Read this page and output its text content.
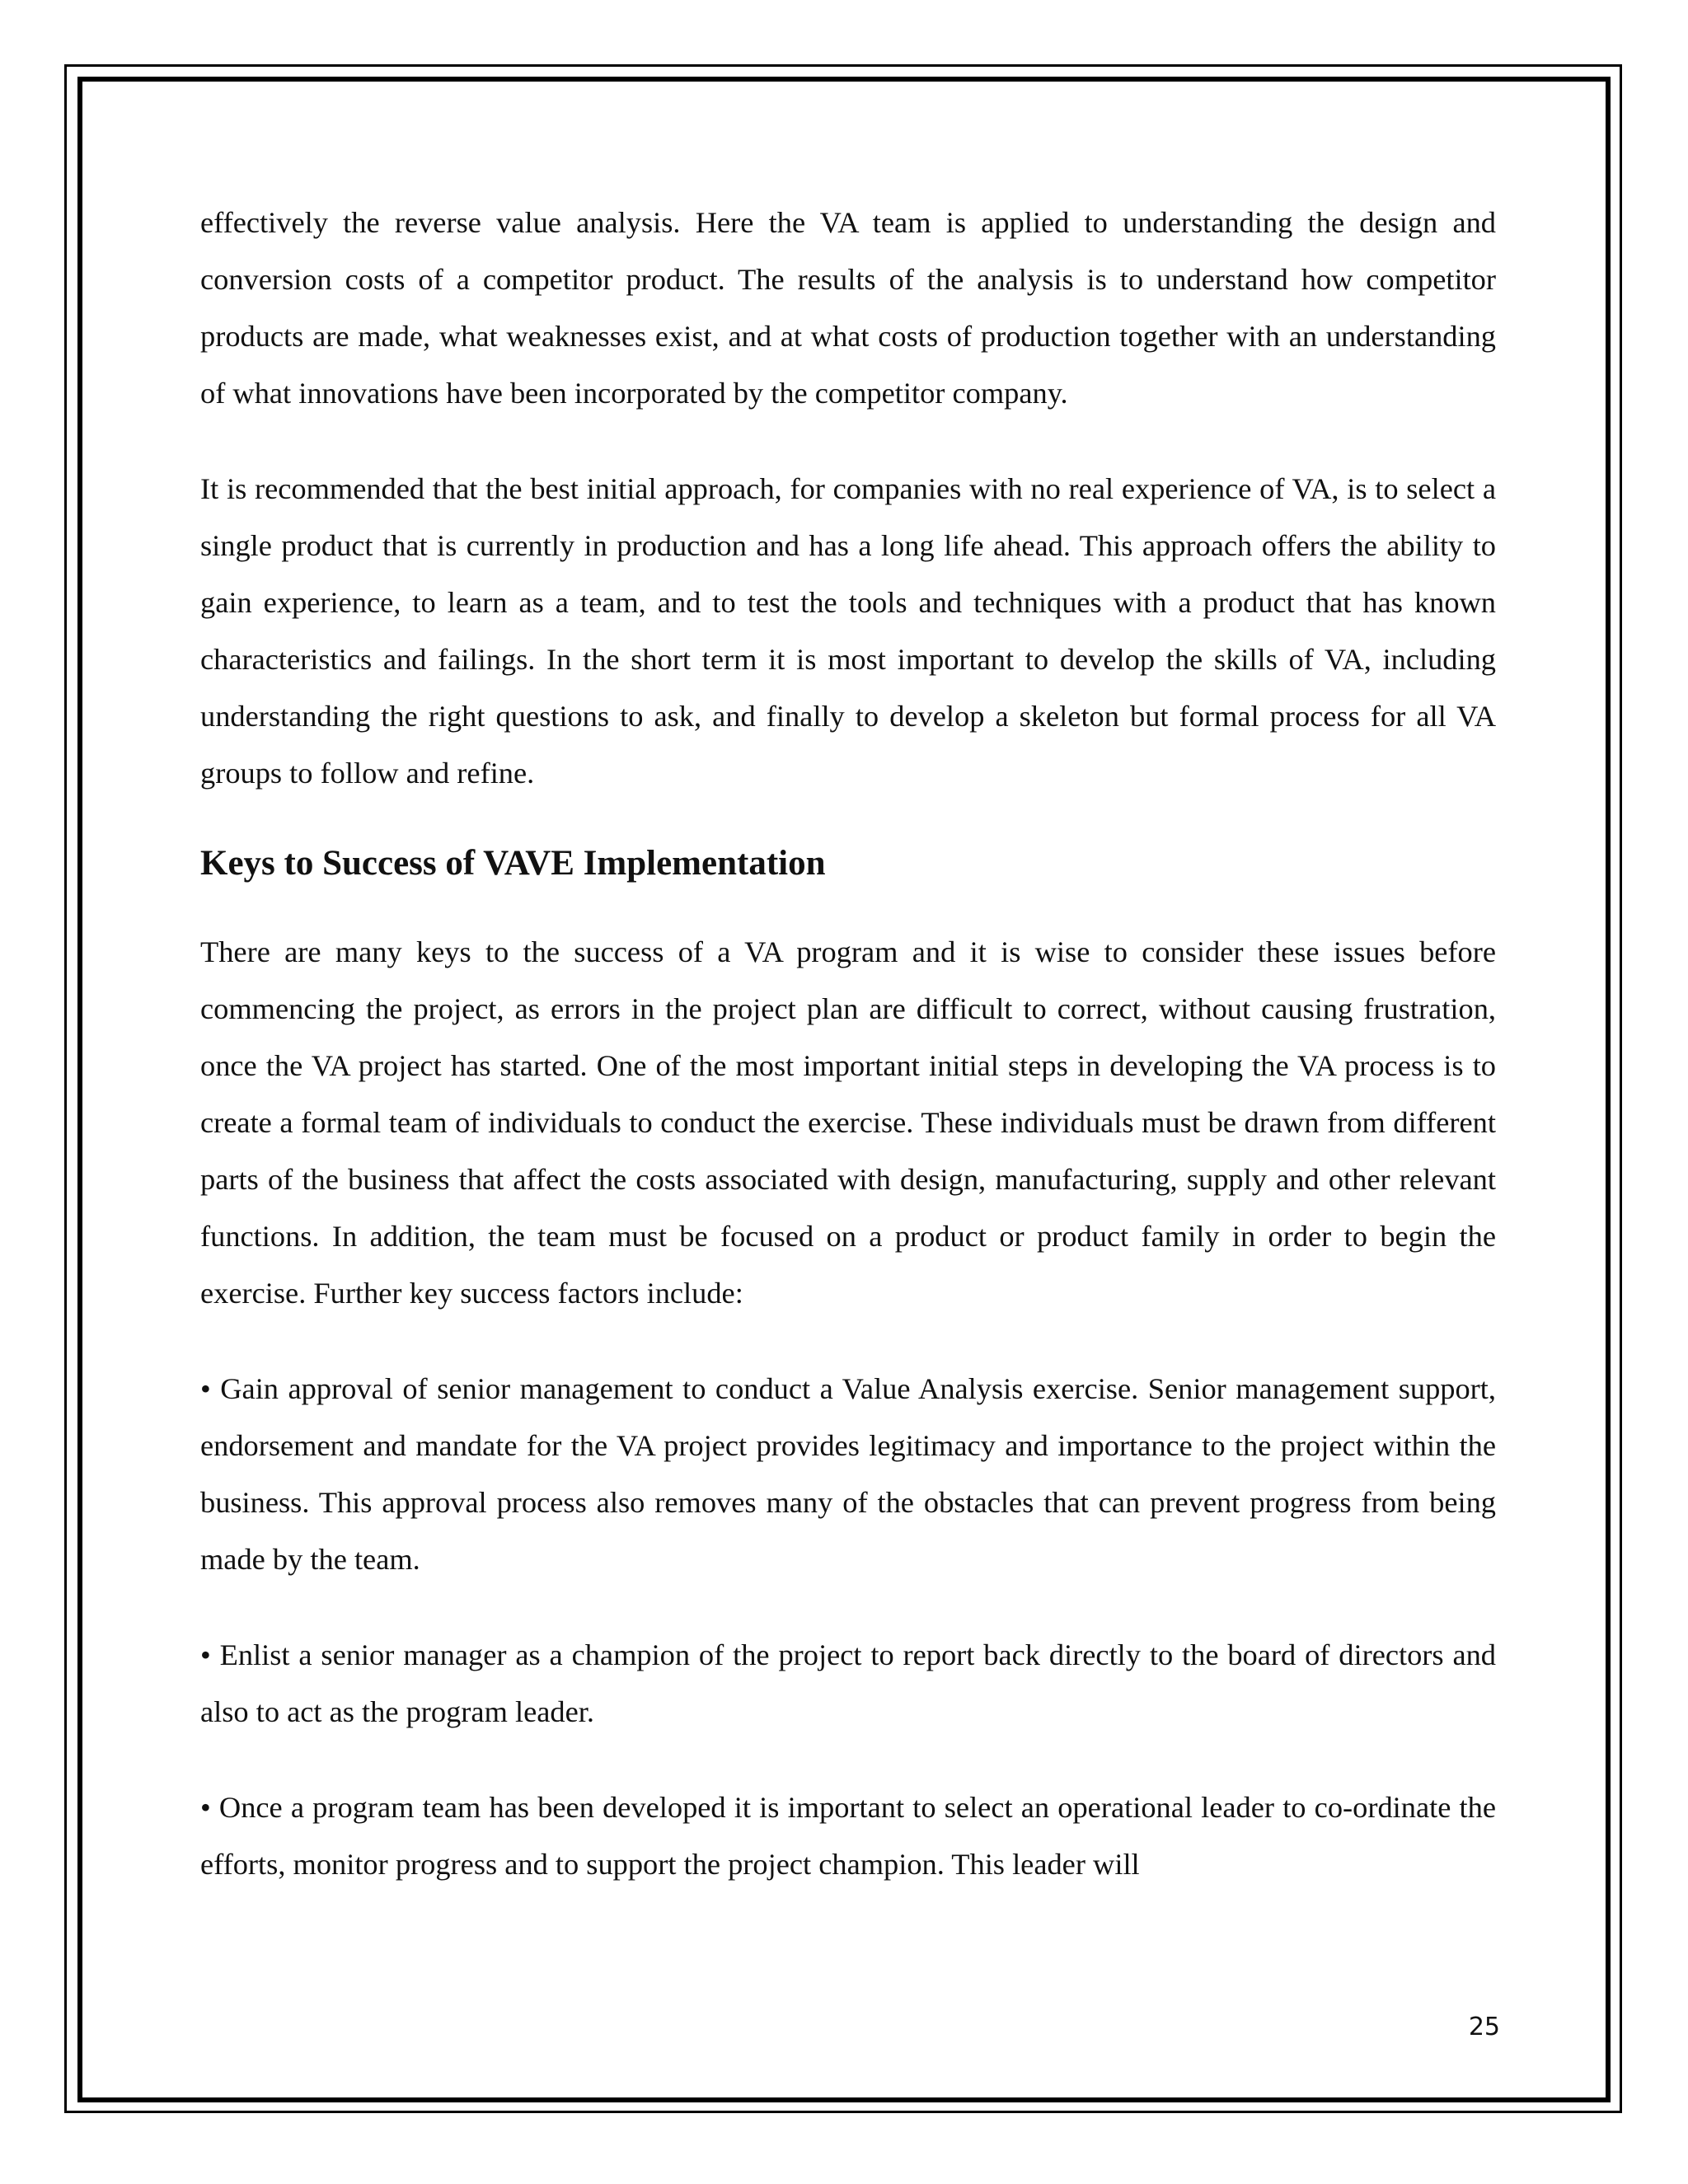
effectively the reverse value analysis. Here the VA team is applied to understanding the design and conversion costs of a competitor product. The results of the analysis is to understand how competitor products are made, what weaknesses exist, and at what costs of production together with an understanding of what innovations have been incorporated by the competitor company.

It is recommended that the best initial approach, for companies with no real experience of VA, is to select a single product that is currently in production and has a long life ahead. This approach offers the ability to gain experience, to learn as a team, and to test the tools and techniques with a product that has known characteristics and failings. In the short term it is most important to develop the skills of VA, including understanding the right questions to ask, and finally to develop a skeleton but formal process for all VA groups to follow and refine.

Keys to Success of VAVE Implementation

There are many keys to the success of a VA program and it is wise to consider these issues before commencing the project, as errors in the project plan are difficult to correct, without causing frustration, once the VA project has started. One of the most important initial steps in developing the VA process is to create a formal team of individuals to conduct the exercise. These individuals must be drawn from different parts of the business that affect the costs associated with design, manufacturing, supply and other relevant functions. In addition, the team must be focused on a product or product family in order to begin the exercise. Further key success factors include:

• Gain approval of senior management to conduct a Value Analysis exercise. Senior management support, endorsement and mandate for the VA project provides legitimacy and importance to the project within the business. This approval process also removes many of the obstacles that can prevent progress from being made by the team.

• Enlist a senior manager as a champion of the project to report back directly to the board of directors and also to act as the program leader.

• Once a program team has been developed it is important to select an operational leader to co-ordinate the efforts, monitor progress and to support the project champion. This leader will

25
